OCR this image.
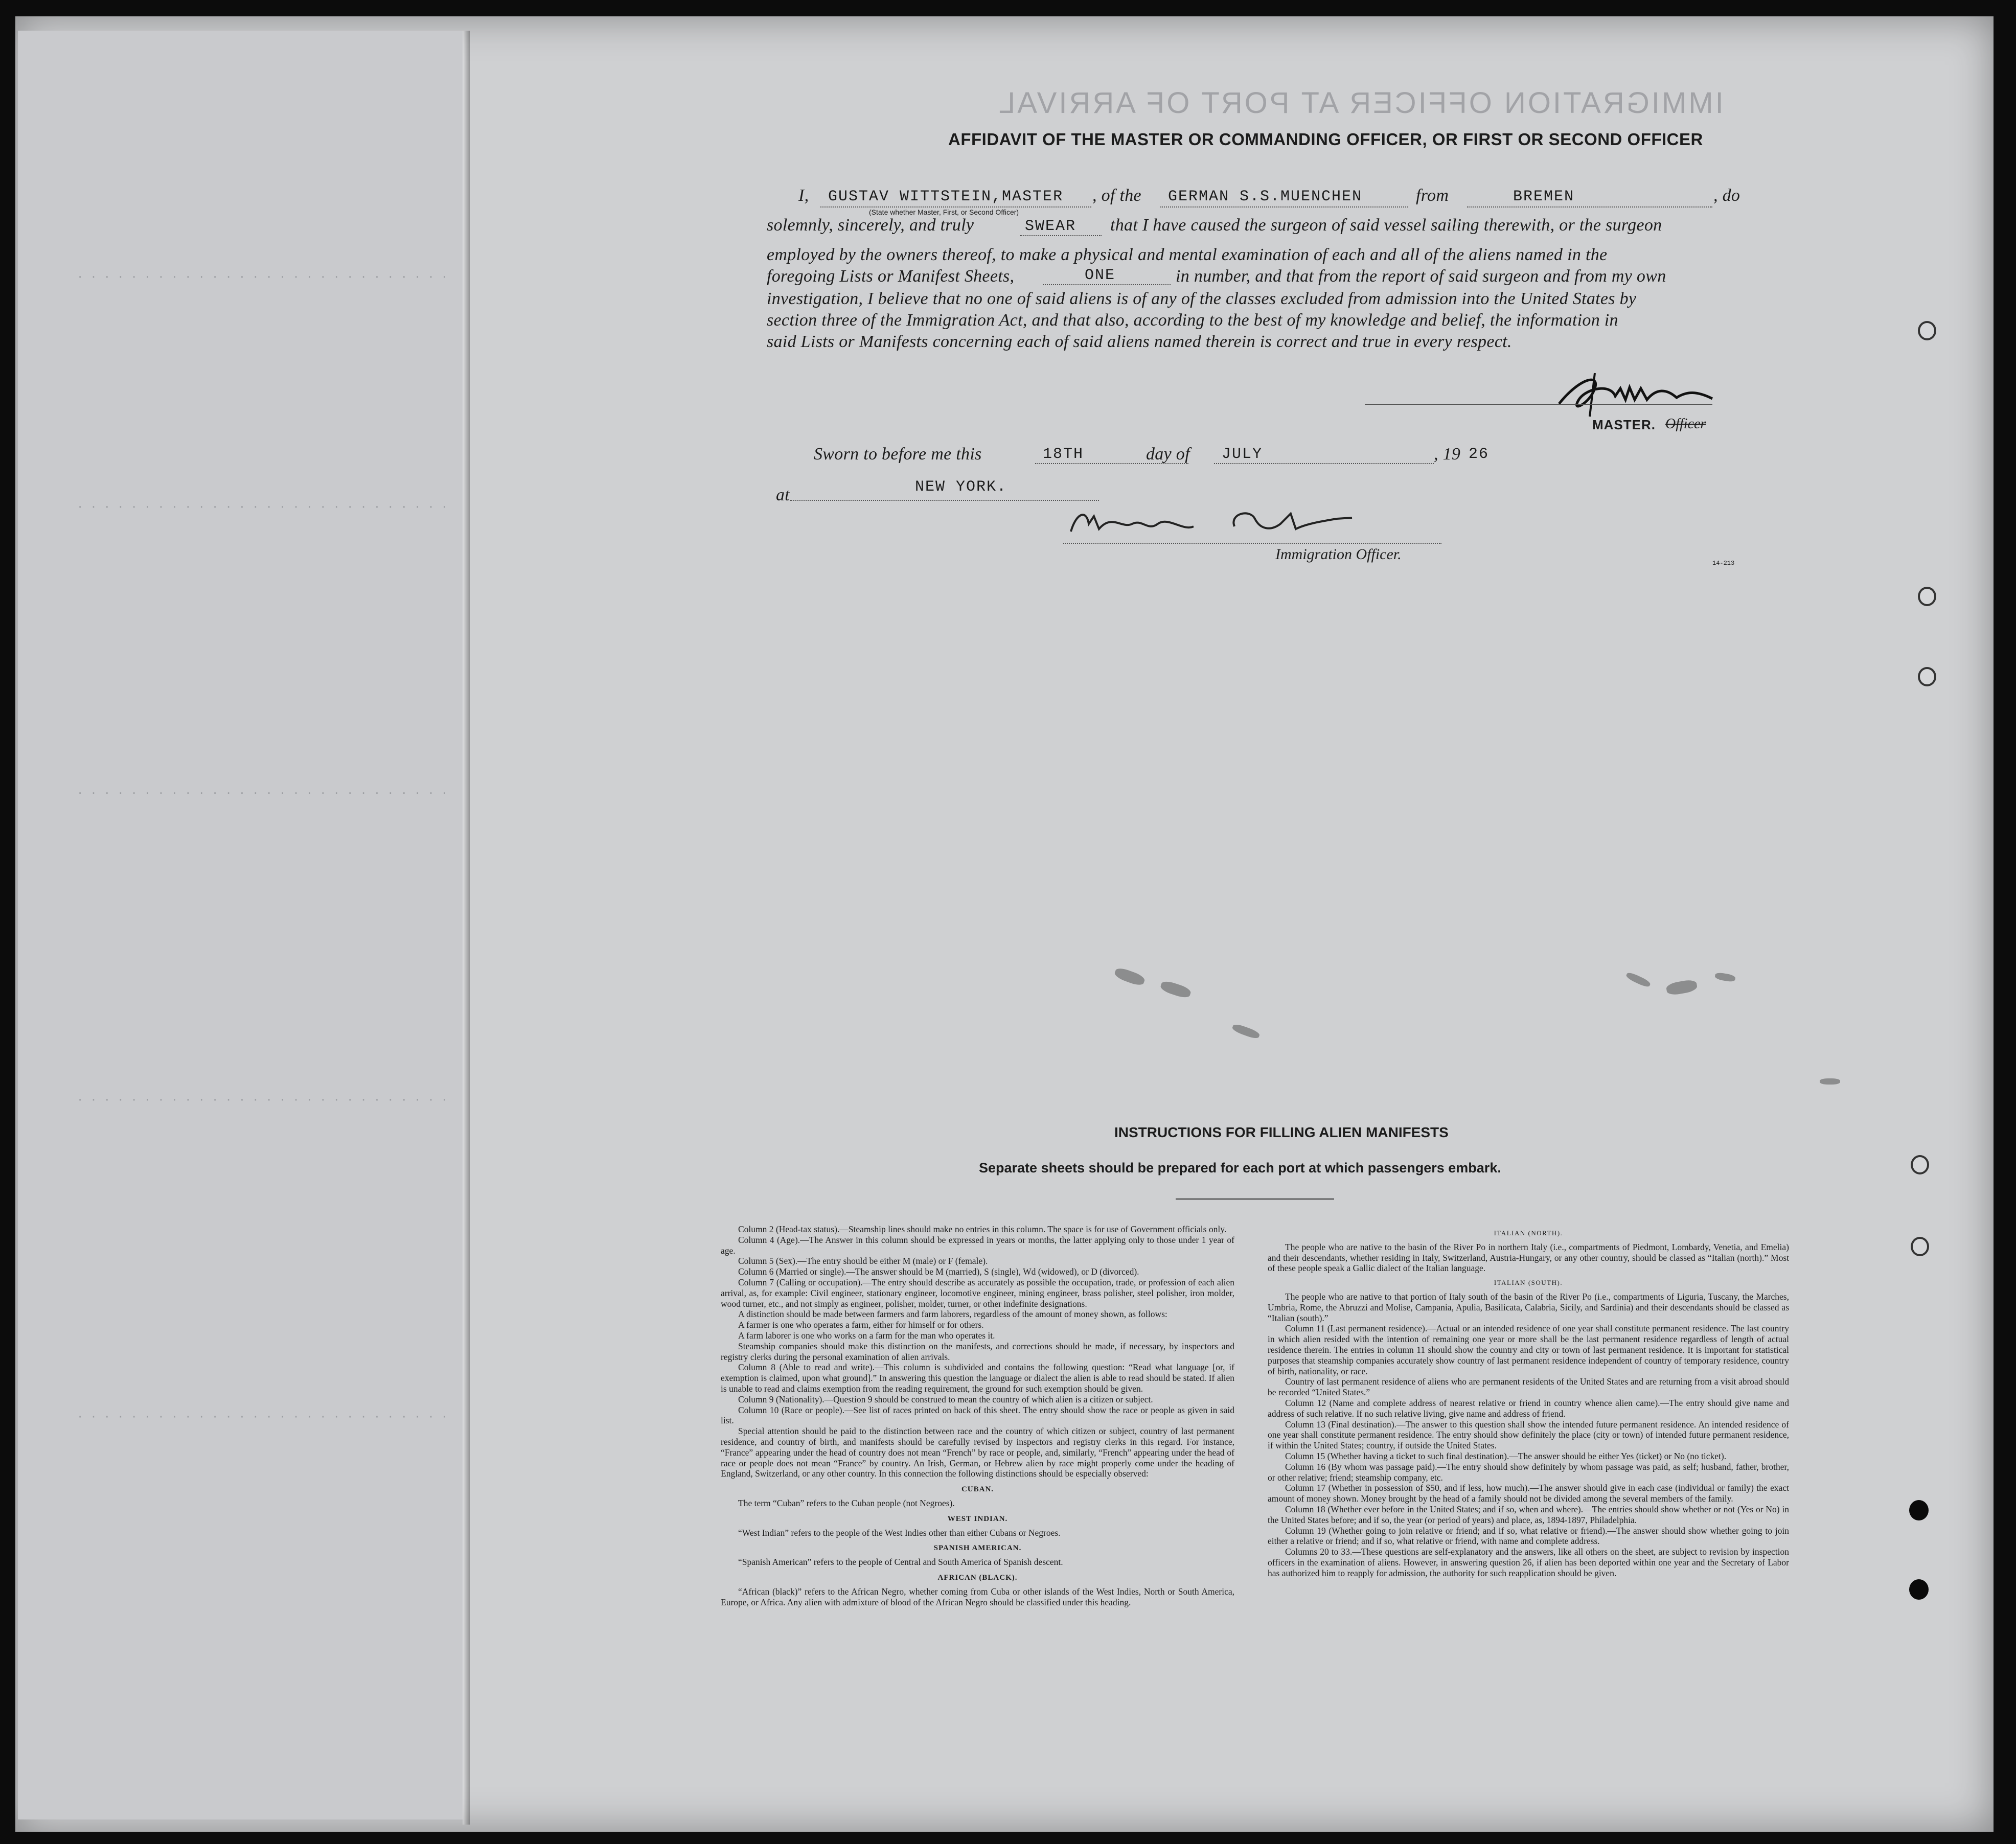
IMMIGRATION OFFICER AT PORT OF ARRIVAL
· · · · · · · · · · · · · · · · · · · · · · · · · · · ·
· · · · · · · · · · · · · · · · · · · · · · · · · · · ·
· · · · · · · · · · · · · · · · · · · · · · · · · · · ·
· · · · · · · · · · · · · · · · · · · · · · · · · · · ·
· · · · · · · · · · · · · · · · · · · · · · · · · · · ·
AFFIDAVIT OF THE MASTER OR COMMANDING OFFICER, OR FIRST OR SECOND OFFICER
I, GUSTAV WITTSTEIN,MASTER
(State whether Master, First, or Second Officer)
, of the GERMAN S.S.MUENCHEN	from	BREMEN	, do
solemnly, sincerely, and truly	SWEAR that I have caused the surgeon of said vessel sailing therewith, or the surgeon
employed by the owners thereof, to make a physical and mental examination of each and all of the aliens named in the
foregoing Lists or Manifest Sheets,	ONE	in number, and that from the report of said surgeon and from my own
investigation, I believe that no one of said aliens is of any of the classes excluded from admission into the United States by
section three of the Immigration Act, and that also, according to the best of my knowledge and belief, the information in
said Lists or Manifests concerning each of said aliens named therein is correct and true in every respect.
MASTER. Officer
Sworn to before me this	18TH	day of JULY	, 19 26
at	NEW YORK.
Immigration Officer.
14-213
INSTRUCTIONS FOR FILLING ALIEN MANIFESTS
Separate sheets should be prepared for each port at which passengers embark.

Column 2 (Head-tax status).—Steamship lines should make no entries in this column. The space is for use of Government officials only.

Column 4 (Age).—The Answer in this column should be expressed in years or months, the latter applying only to those under 1 year of age.

Column 5 (Sex).—The entry should be either M (male) or F (female).

Column 6 (Married or single).—The answer should be M (married), S (single), Wd (widowed), or D (divorced).

Column 7 (Calling or occupation).—The entry should describe as accurately as possible the occupation, trade, or profession of each alien arrival, as, for example: Civil engineer, stationary engineer, locomotive engineer, mining engineer, brass polisher, steel polisher, iron molder, wood turner, etc., and not simply as engineer, polisher, molder, turner, or other indefinite designations.

A distinction should be made between farmers and farm laborers, regardless of the amount of money shown, as follows:

A farmer is one who operates a farm, either for himself or for others.

A farm laborer is one who works on a farm for the man who operates it.

Steamship companies should make this distinction on the manifests, and corrections should be made, if necessary, by inspectors and registry clerks during the personal examination of alien arrivals.

Column 8 (Able to read and write).—This column is subdivided and contains the following question: “Read what language [or, if exemption is claimed, upon what ground].” In answering this question the language or dialect the alien is able to read should be stated. If alien is unable to read and claims exemption from the reading requirement, the ground for such exemption should be given.

Column 9 (Nationality).—Question 9 should be construed to mean the country of which alien is a citizen or subject.

Column 10 (Race or people).—See list of races printed on back of this sheet. The entry should show the race or people as given in said list.

Special attention should be paid to the distinction between race and the country of which citizen or subject, country of last permanent residence, and country of birth, and manifests should be carefully revised by inspectors and registry clerks in this regard. For instance, “France” appearing under the head of country does not mean “French” by race or people, and, similarly, “French” appearing under the head of race or people does not mean “France” by country. An Irish, German, or Hebrew alien by race might properly come under the heading of England, Switzerland, or any other country. In this connection the following distinctions should be especially observed:

CUBAN.

The term “Cuban” refers to the Cuban people (not Negroes).

WEST INDIAN.

“West Indian” refers to the people of the West Indies other than either Cubans or Negroes.

SPANISH AMERICAN.

“Spanish American” refers to the people of Central and South America of Spanish descent.

AFRICAN (BLACK).

“African (black)” refers to the African Negro, whether coming from Cuba or other islands of the West Indies, North or South America, Europe, or Africa. Any alien with admixture of blood of the African Negro should be classified under this heading.

ITALIAN (NORTH).

The people who are native to the basin of the River Po in northern Italy (i.e., compartments of Piedmont, Lombardy, Venetia, and Emelia) and their descendants, whether residing in Italy, Switzerland, Austria-Hungary, or any other country, should be classed as “Italian (north).” Most of these people speak a Gallic dialect of the Italian language.

ITALIAN (SOUTH).

The people who are native to that portion of Italy south of the basin of the River Po (i.e., compartments of Liguria, Tuscany, the Marches, Umbria, Rome, the Abruzzi and Molise, Campania, Apulia, Basilicata, Calabria, Sicily, and Sardinia) and their descendants should be classed as “Italian (south).”

Column 11 (Last permanent residence).—Actual or an intended residence of one year shall constitute permanent residence. The last country in which alien resided with the intention of remaining one year or more shall be the last permanent residence regardless of length of actual residence therein. The entries in column 11 should show the country and city or town of last permanent residence. It is important for statistical purposes that steamship companies accurately show country of last permanent residence independent of country of temporary residence, country of birth, nationality, or race.

Country of last permanent residence of aliens who are permanent residents of the United States and are returning from a visit abroad should be recorded “United States.”

Column 12 (Name and complete address of nearest relative or friend in country whence alien came).—The entry should give name and address of such relative. If no such relative living, give name and address of friend.

Column 13 (Final destination).—The answer to this question shall show the intended future permanent residence. An intended residence of one year shall constitute permanent residence. The entry should show definitely the place (city or town) of intended future permanent residence, if within the United States; country, if outside the United States.

Column 15 (Whether having a ticket to such final destination).—The answer should be either Yes (ticket) or No (no ticket).

Column 16 (By whom was passage paid).—The entry should show definitely by whom passage was paid, as self; husband, father, brother, or other relative; friend; steamship company, etc.

Column 17 (Whether in possession of $50, and if less, how much).—The answer should give in each case (individual or family) the exact amount of money shown. Money brought by the head of a family should not be divided among the several members of the family.

Column 18 (Whether ever before in the United States; and if so, when and where).—The entries should show whether or not (Yes or No) in the United States before; and if so, the year (or period of years) and place, as, 1894-1897, Philadelphia.

Column 19 (Whether going to join relative or friend; and if so, what relative or friend).—The answer should show whether going to join either a relative or friend; and if so, what relative or friend, with name and complete address.

Columns 20 to 33.—These questions are self-explanatory and the answers, like all others on the sheet, are subject to revision by inspection officers in the examination of aliens. However, in answering question 26, if alien has been deported within one year and the Secretary of Labor has authorized him to reapply for admission, the authority for such reapplication should be given.
